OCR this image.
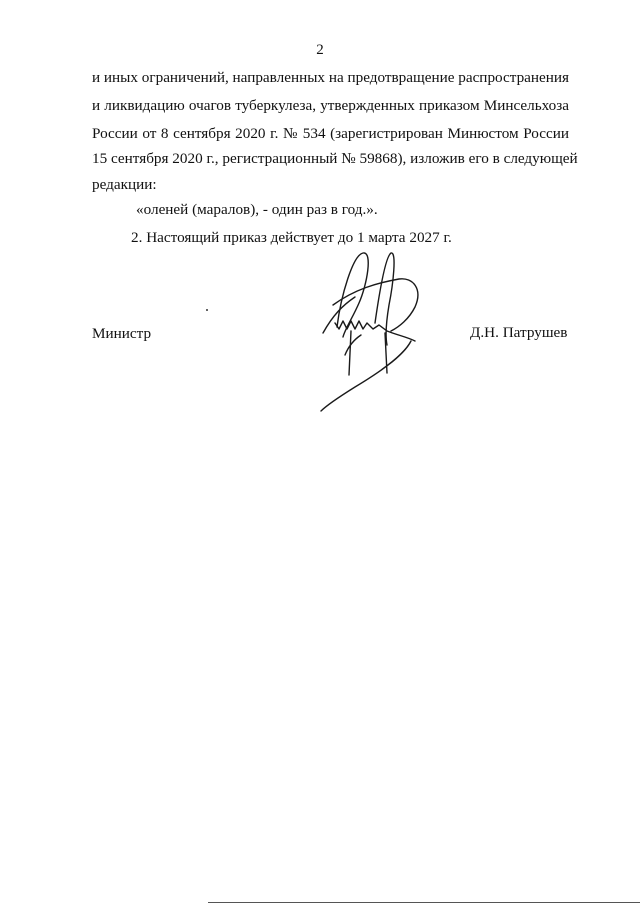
2
и иных ограничений, направленных на предотвращение распространения
и ликвидацию очагов туберкулеза, утвержденных приказом Минсельхоза
России от 8 сентября 2020 г. № 534 (зарегистрирован Минюстом России
15 сентября 2020 г., регистрационный № 59868), изложив его в следующей
редакции:
«оленей (маралов), - один раз в год.».
2. Настоящий приказ действует до 1 марта 2027 г.
Министр	Д.Н. Патрушев
